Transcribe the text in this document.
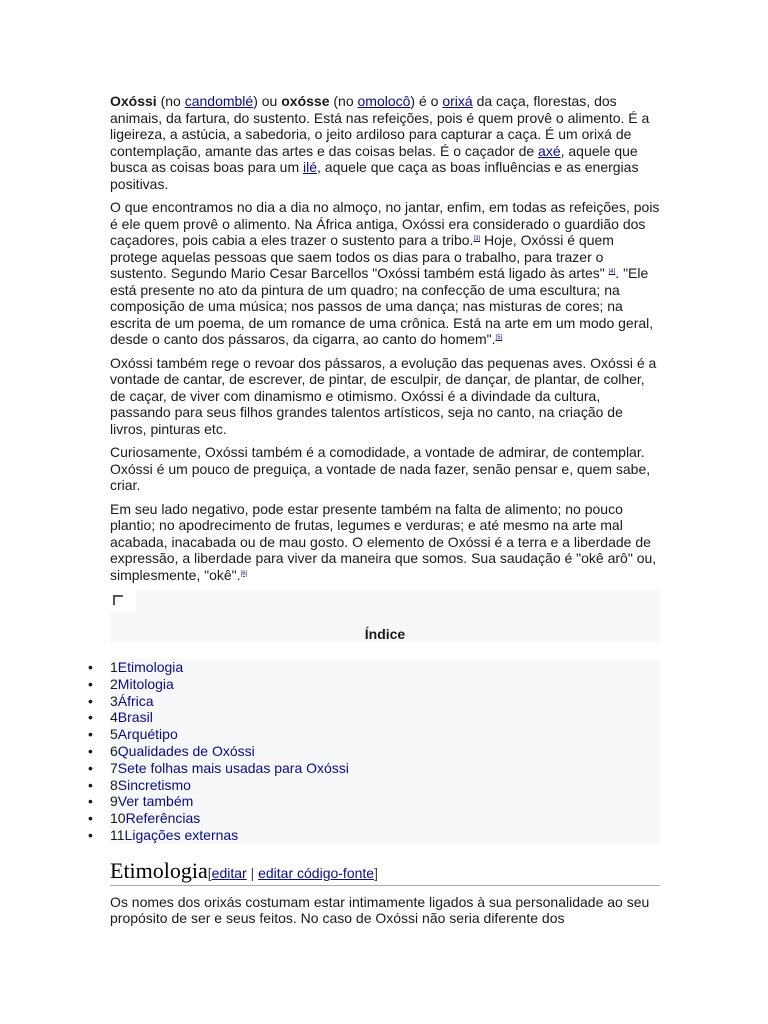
Oxóssi (no candomblé) ou oxósse (no omolocô) é o orixá da caça, florestas, dos animais, da fartura, do sustento. Está nas refeições, pois é quem provê o alimento. É a ligeireza, a astúcia, a sabedoria, o jeito ardiloso para capturar a caça. É um orixá de contemplação, amante das artes e das coisas belas. É o caçador de axé, aquele que busca as coisas boas para um ilé, aquele que caça as boas influências e as energias positivas.

O que encontramos no dia a dia no almoço, no jantar, enfim, em todas as refeições, pois é ele quem provê o alimento. Na África antiga, Oxóssi era considerado o guardião dos caçadores, pois cabia a eles trazer o sustento para a tribo.[3] Hoje, Oxóssi é quem protege aquelas pessoas que saem todos os dias para o trabalho, para trazer o sustento. Segundo Mario Cesar Barcellos "Oxóssi também está ligado às artes" [4]. "Ele está presente no ato da pintura de um quadro; na confecção de uma escultura; na composição de uma música; nos passos de uma dança; nas misturas de cores; na escrita de um poema, de um romance de uma crônica. Está na arte em um modo geral, desde o canto dos pássaros, da cigarra, ao canto do homem".[5]

Oxóssi também rege o revoar dos pássaros, a evolução das pequenas aves. Oxóssi é a vontade de cantar, de escrever, de pintar, de esculpir, de dançar, de plantar, de colher, de caçar, de viver com dinamismo e otimismo. Oxóssi é a divindade da cultura, passando para seus filhos grandes talentos artísticos, seja no canto, na criação de livros, pinturas etc.

Curiosamente, Oxóssi também é a comodidade, a vontade de admirar, de contemplar. Oxóssi é um pouco de preguiça, a vontade de nada fazer, senão pensar e, quem sabe, criar.

Em seu lado negativo, pode estar presente também na falta de alimento; no pouco plantio; no apodrecimento de frutas, legumes e verduras; e até mesmo na arte mal acabada, inacabada ou de mau gosto. O elemento de Oxóssi é a terra e a liberdade de expressão, a liberdade para viver da maneira que somos. Sua saudação é "okê arô" ou, simplesmente, "okê".[6]

Índice
• 1Etimologia
• 2Mitologia
• 3África
• 4Brasil
• 5Arquétipo
• 6Qualidades de Oxóssi
• 7Sete folhas mais usadas para Oxóssi
• 8Sincretismo
• 9Ver também
• 10Referências
• 11Ligações externas
Etimologia[editar | editar código-fonte]

Os nomes dos orixás costumam estar intimamente ligados à sua personalidade ao seu propósito de ser e seus feitos. No caso de Oxóssi não seria diferente dos
